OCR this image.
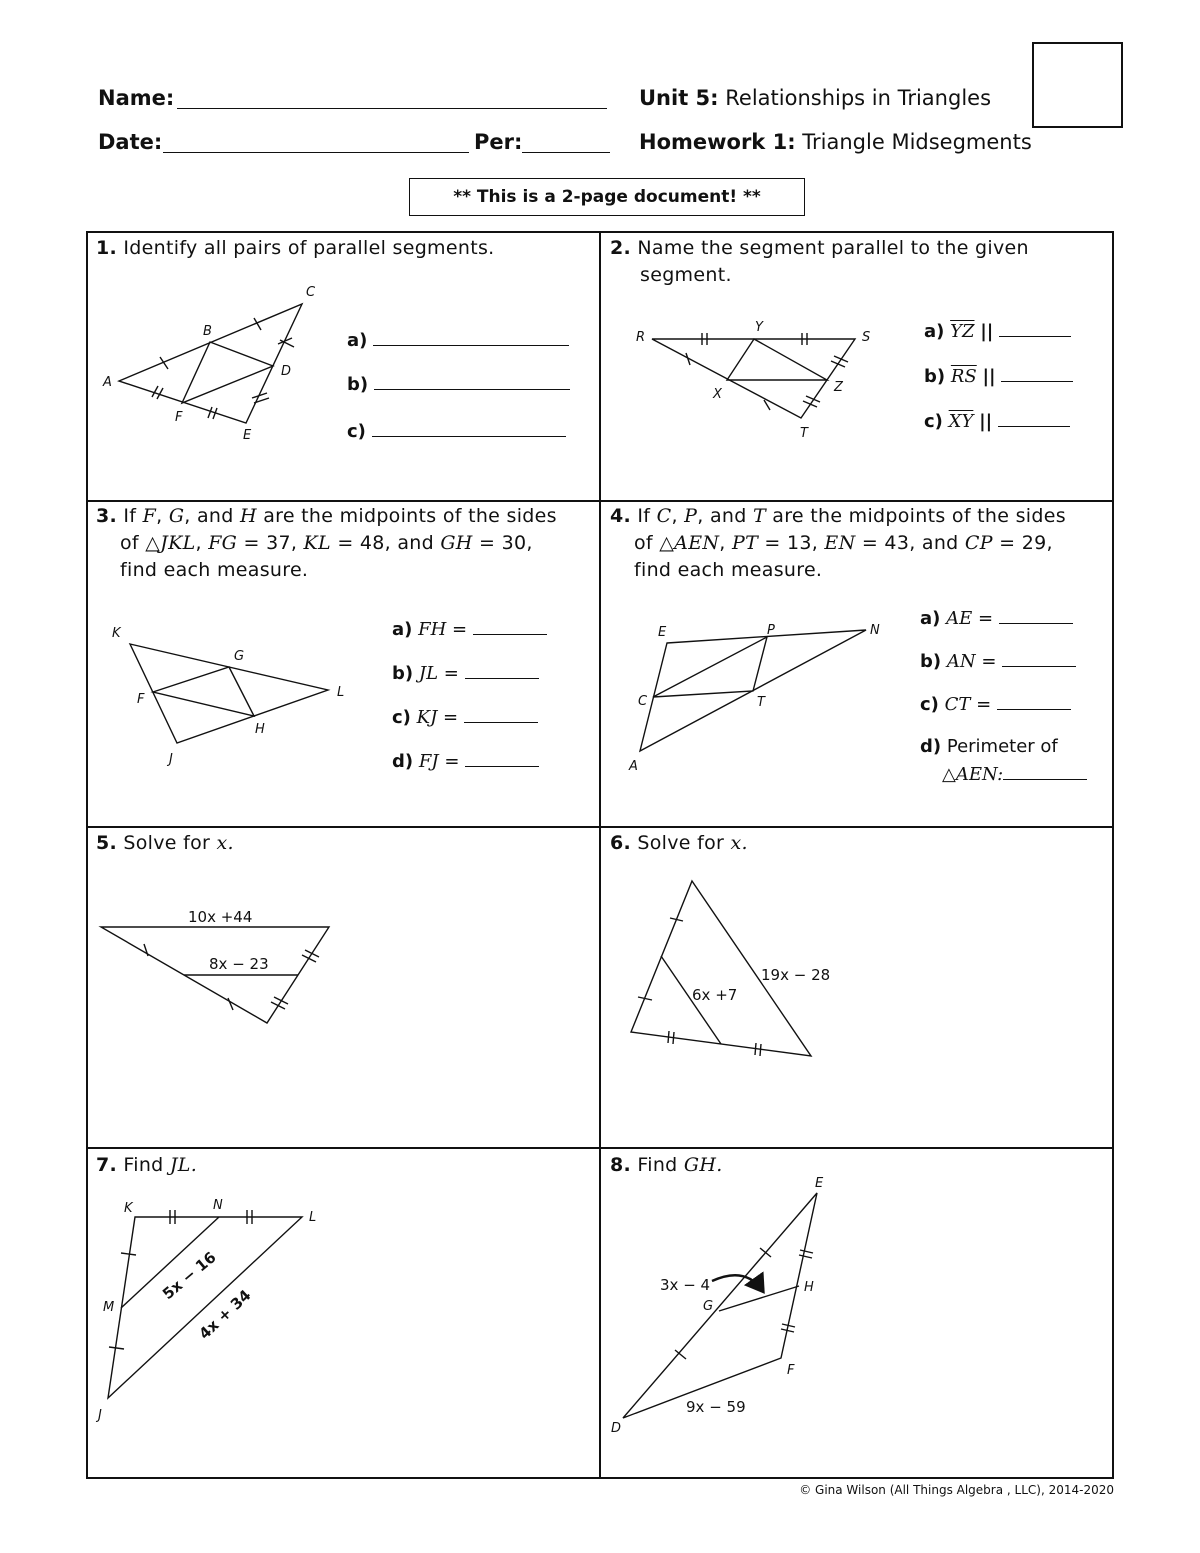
Name:
Date:	Per:
Unit 5: Relationships in Triangles
Homework 1: Triangle Midsegments
** This is a 2-page document! **
1. Identify all pairs of parallel segments.
a)
b)
c)
2. Name the segment parallel to the given segment.
a) $\overline{YZ}$ ||
b) $\overline{RS}$ ||
c) $\overline{XY}$ ||
3. If F, G, and H are the midpoints of the sides
of △JKL, FG = 37, KL = 48, and GH = 30,
find each measure.
a) FH =
b) JL =
c) KJ =
d) FJ =
4. If C, P, and T are the midpoints of the sides
of △AEN, PT = 13, EN = 43, and CP = 29,
find each measure.
a) AE =
b) AN =
c) CT =
d) Perimeter of
△AEN:
5. Solve for x.	6. Solve for x.
7. Find JL.	8. Find GH.
A
B
C
D
E
F
R
Y
S
X	Z
T
K
G
L
F
H
J
E	P	N
C	T
A
10x +44
8x − 23
6x +7
19x − 28
K	N
L
M
J
5x − 16
4x + 34
E
G
H
F
D
3x − 4
9x − 59
© Gina Wilson (All Things Algebra , LLC), 2014-2020
